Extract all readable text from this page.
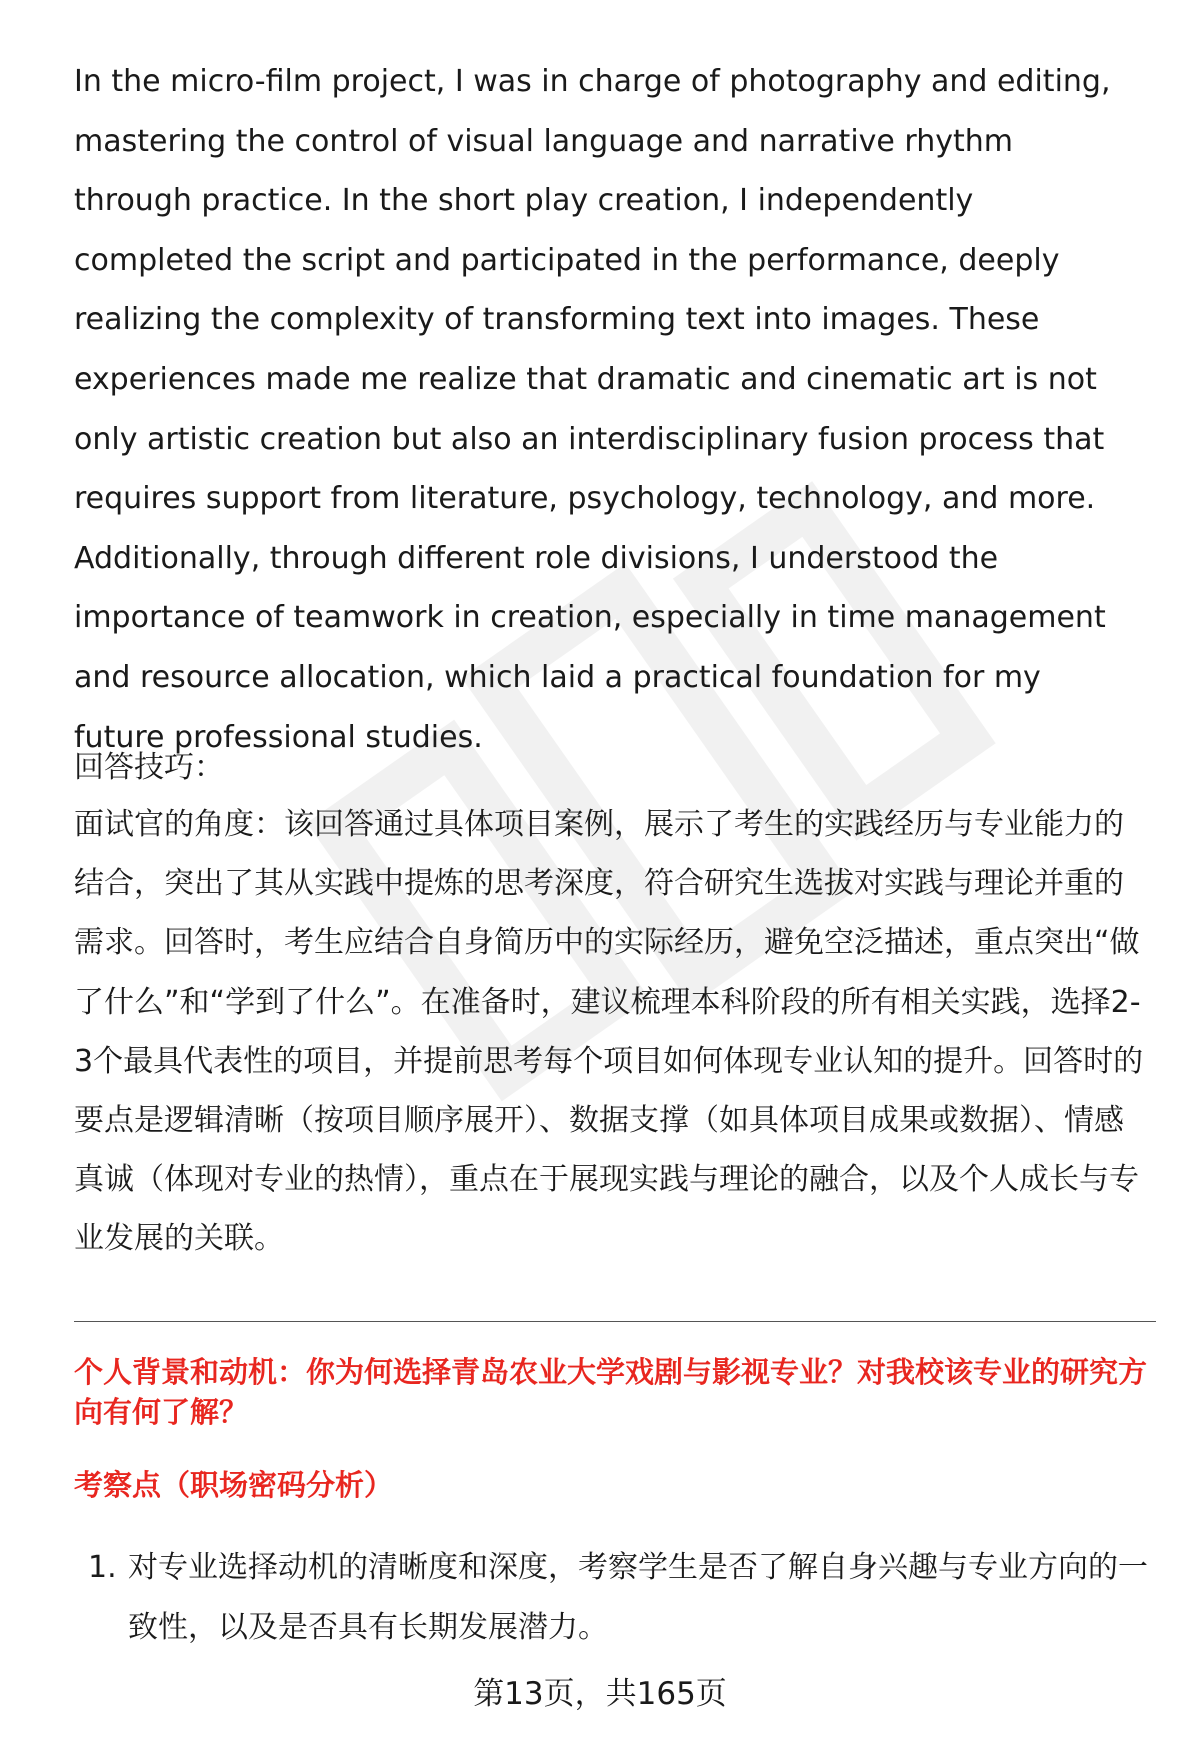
In the micro-film project, I was in charge of photography and editing, mastering the control of visual language and narrative rhythm through practice. In the short play creation, I independently completed the script and participated in the performance, deeply realizing the complexity of transforming text into images. These experiences made me realize that dramatic and cinematic art is not only artistic creation but also an interdisciplinary fusion process that requires support from literature, psychology, technology, and more. Additionally, through different role divisions, I understood the importance of teamwork in creation, especially in time management and resource allocation, which laid a practical foundation for my future professional studies.

回答技巧：

面试官的角度：该回答通过具体项目案例，展示了考生的实践经历与专业能力的结合，突出了其从实践中提炼的思考深度，符合研究生选拔对实践与理论并重的需求。回答时，考生应结合自身简历中的实际经历，避免空泛描述，重点突出“做了什么”和“学到了什么”。在准备时，建议梳理本科阶段的所有相关实践，选择2-3个最具代表性的项目，并提前思考每个项目如何体现专业认知的提升。回答时的要点是逻辑清晰（按项目顺序展开）、数据支撑（如具体项目成果或数据）、情感真诚（体现对专业的热情），重点在于展现实践与理论的融合，以及个人成长与专业发展的关联。

个人背景和动机：你为何选择青岛农业大学戏剧与影视专业？对我校该专业的研究方向有何了解？

考察点（职场密码分析）

1. 对专业选择动机的清晰度和深度，考察学生是否了解自身兴趣与专业方向的一致性，以及是否具有长期发展潜力。

第13页，共165页
